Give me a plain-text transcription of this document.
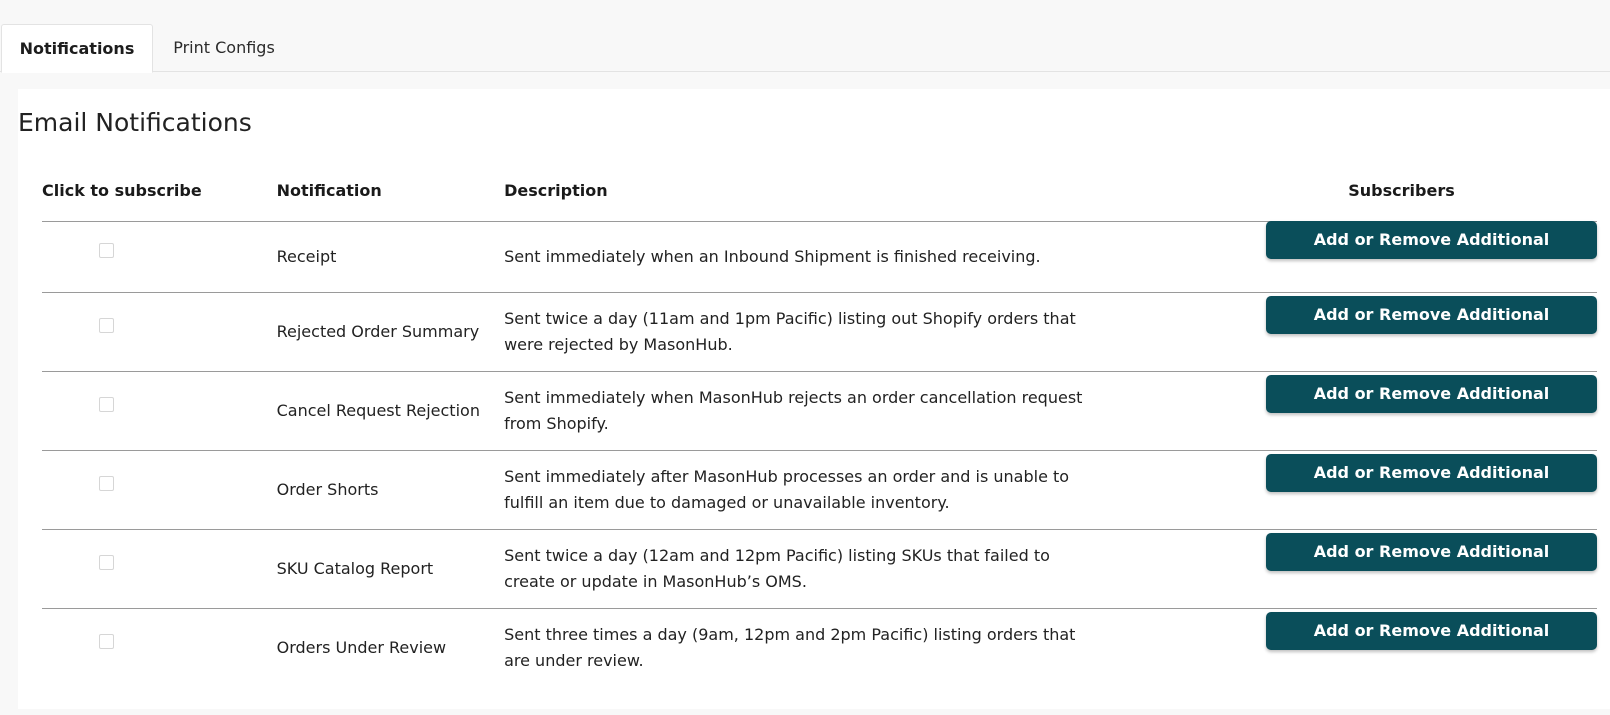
Notifications	Print Configs
Email Notifications
Click to subscribe	Notification	Description	Subscribers
	Receipt	Sent immediately when an Inbound Shipment is finished receiving.	Add or Remove Additional Subscribers
	Rejected Order Summary	Sent twice a day (11am and 1pm Pacific) listing out Shopify orders that were rejected by MasonHub.	Add or Remove Additional Subscribers
	Cancel Request Rejection	Sent immediately when MasonHub rejects an order cancellation request from Shopify.	Add or Remove Additional Subscribers
	Order Shorts	Sent immediately after MasonHub processes an order and is unable to fulfill an item due to damaged or unavailable inventory.	Add or Remove Additional Subscribers
	SKU Catalog Report	Sent twice a day (12am and 12pm Pacific) listing SKUs that failed to create or update in MasonHub’s OMS.	Add or Remove Additional Subscribers
	Orders Under Review	Sent three times a day (9am, 12pm and 2pm Pacific) listing orders that are under review.	Add or Remove Additional Subscribers
